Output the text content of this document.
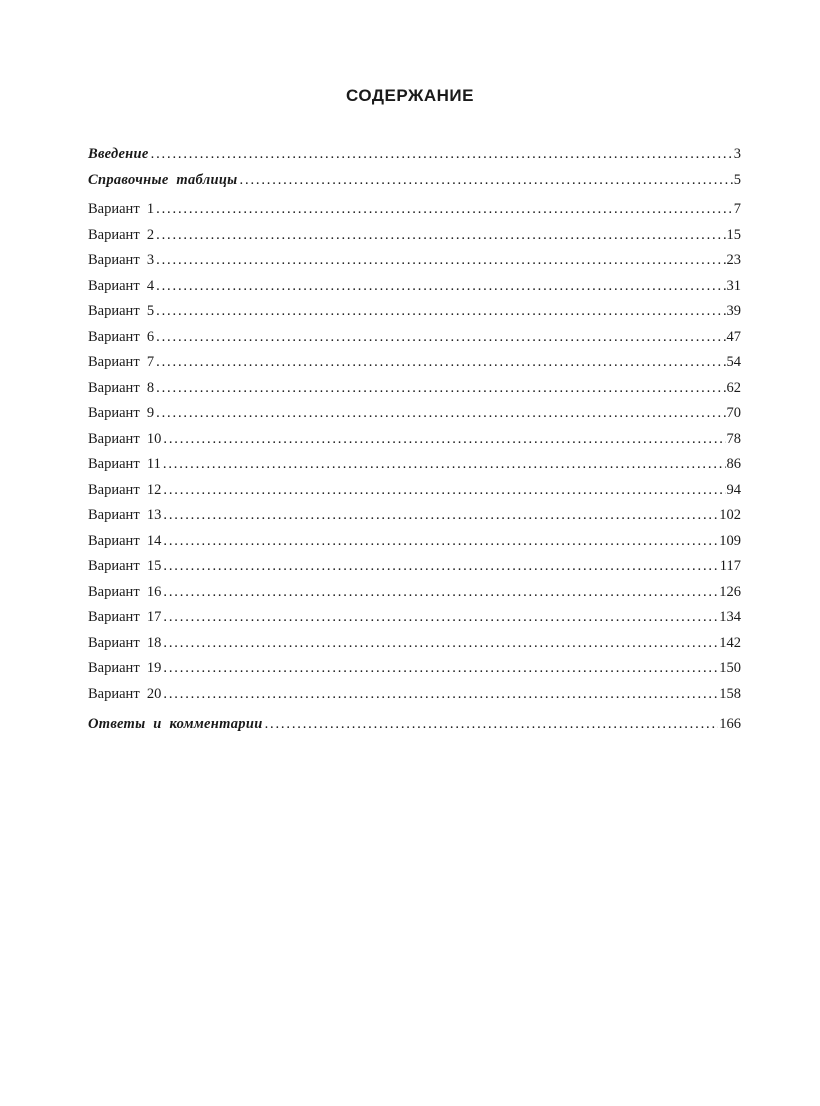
СОДЕРЖАНИЕ
Введение . . .	3
Справочные  таблицы . . .	5
Вариант  1 . . .	7
Вариант  2 . . .	15
Вариант  3 . . .	23
Вариант  4 . . .	31
Вариант  5 . . .	39
Вариант  6 . . .	47
Вариант  7 . . .	54
Вариант  8 . . .	62
Вариант  9 . . .	70
Вариант  10 . . .	78
Вариант  11 . . .	86
Вариант  12 . . .	94
Вариант  13 . . .	102
Вариант  14 . . .	109
Вариант  15 . . .	117
Вариант  16 . . .	126
Вариант  17 . . .	134
Вариант  18 . . .	142
Вариант  19 . . .	150
Вариант  20 . . .	158
Ответы  и  комментарии . . .	166
